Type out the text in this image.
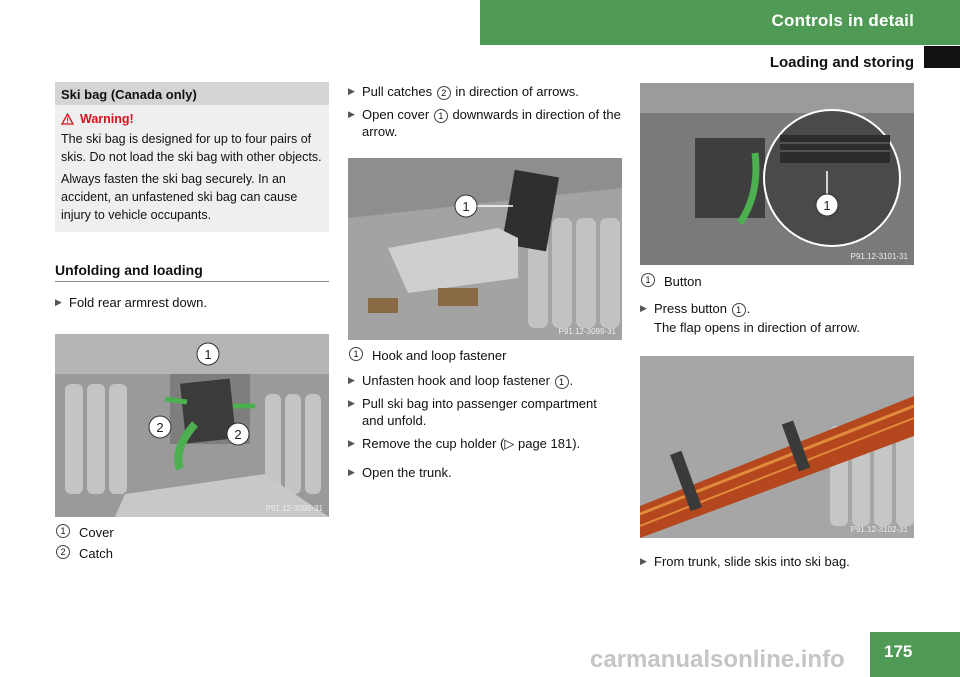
Controls in detail
Loading and storing
Ski bag (Canada only)
Warning!

The ski bag is designed for up to four pairs of skis. Do not load the ski bag with other objects.

Always fasten the ski bag securely. In an accident, an unfastened ski bag can cause injury to vehicle occupants.

Unfolding and loading
▶ Fold rear armrest down.
1
2	2
P91.12-3098-31
1	Cover
2	Catch
▶ Pull catches 2 in direction of arrows.
▶ Open cover 1 downwards in direction of the arrow.
1
P91.12-3099-31
1	Hook and loop fastener
▶ Unfasten hook and loop fastener 1 .
▶ Pull ski bag into passenger compartment and unfold.
▶ Remove the cup holder (▷ page 181).
▶ Open the trunk.
1
P91.12-3101-31
1	Button
▶ Press button 1 .
The flap opens in direction of arrow.
P91.12-3102-31
▶ From trunk, slide skis into ski bag.
175
carmanualsonline.info
